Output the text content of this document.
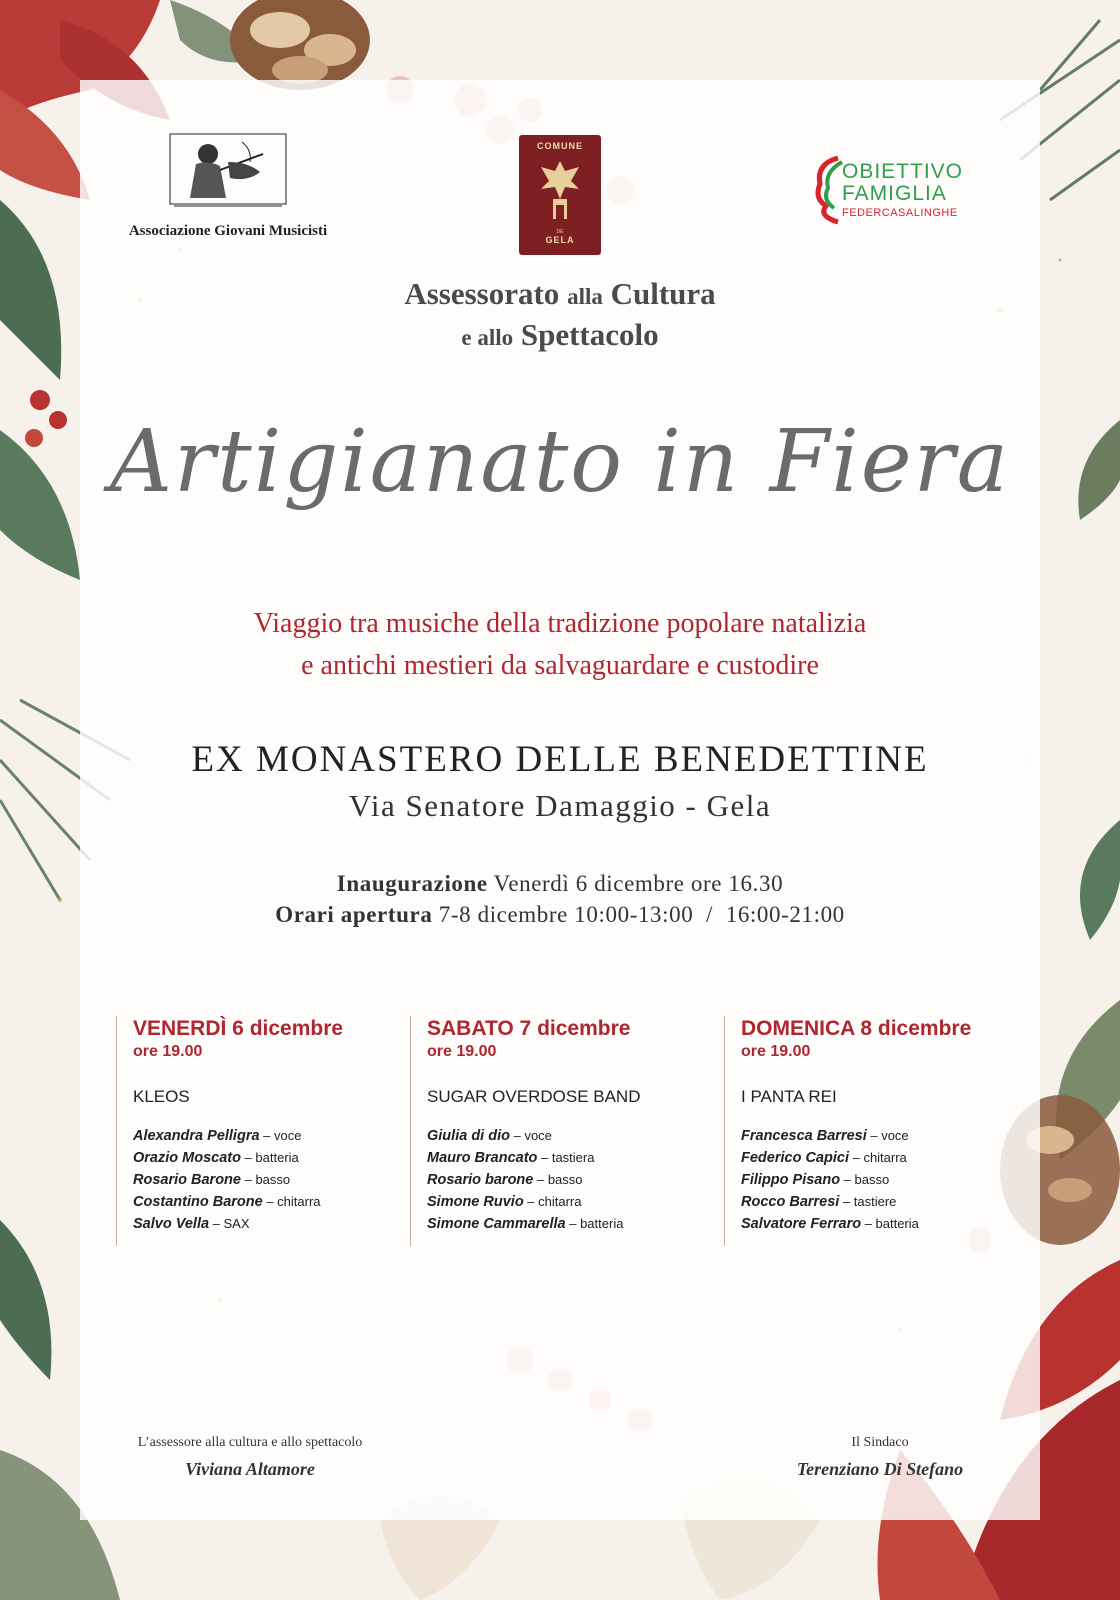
Associazione Giovani Musicisti
COMUNE
DE
GELA
OBIETTIVO
FAMIGLIA
FEDERCASALINGHE
Assessorato alla Cultura
e allo Spettacolo
Artigianato in Fiera
Viaggio tra musiche della tradizione popolare natalizia
e antichi mestieri da salvaguardare e custodire
EX MONASTERO DELLE BENEDETTINE
Via Senatore Damaggio - Gela
Inaugurazione Venerdì 6 dicembre ore 16.30
Orari apertura 7-8 dicembre 10:00-13:00  /  16:00-21:00
VENERDÌ 6 dicembre
ore 19.00
KLEOS
Alexandra Pelligra – voce
Orazio Moscato – batteria
Rosario Barone – basso
Costantino Barone – chitarra
Salvo Vella – SAX
SABATO 7 dicembre
ore 19.00
SUGAR OVERDOSE BAND
Giulia di dio – voce
Mauro Brancato – tastiera
Rosario barone – basso
Simone Ruvio – chitarra
Simone Cammarella – batteria
DOMENICA 8 dicembre
ore 19.00
I PANTA REI
Francesca Barresi – voce
Federico Capici – chitarra
Filippo Pisano – basso
Rocco Barresi – tastiere
Salvatore Ferraro – batteria
L’assessore alla cultura e allo spettacolo
Viviana Altamore
Il Sindaco
Terenziano Di Stefano
